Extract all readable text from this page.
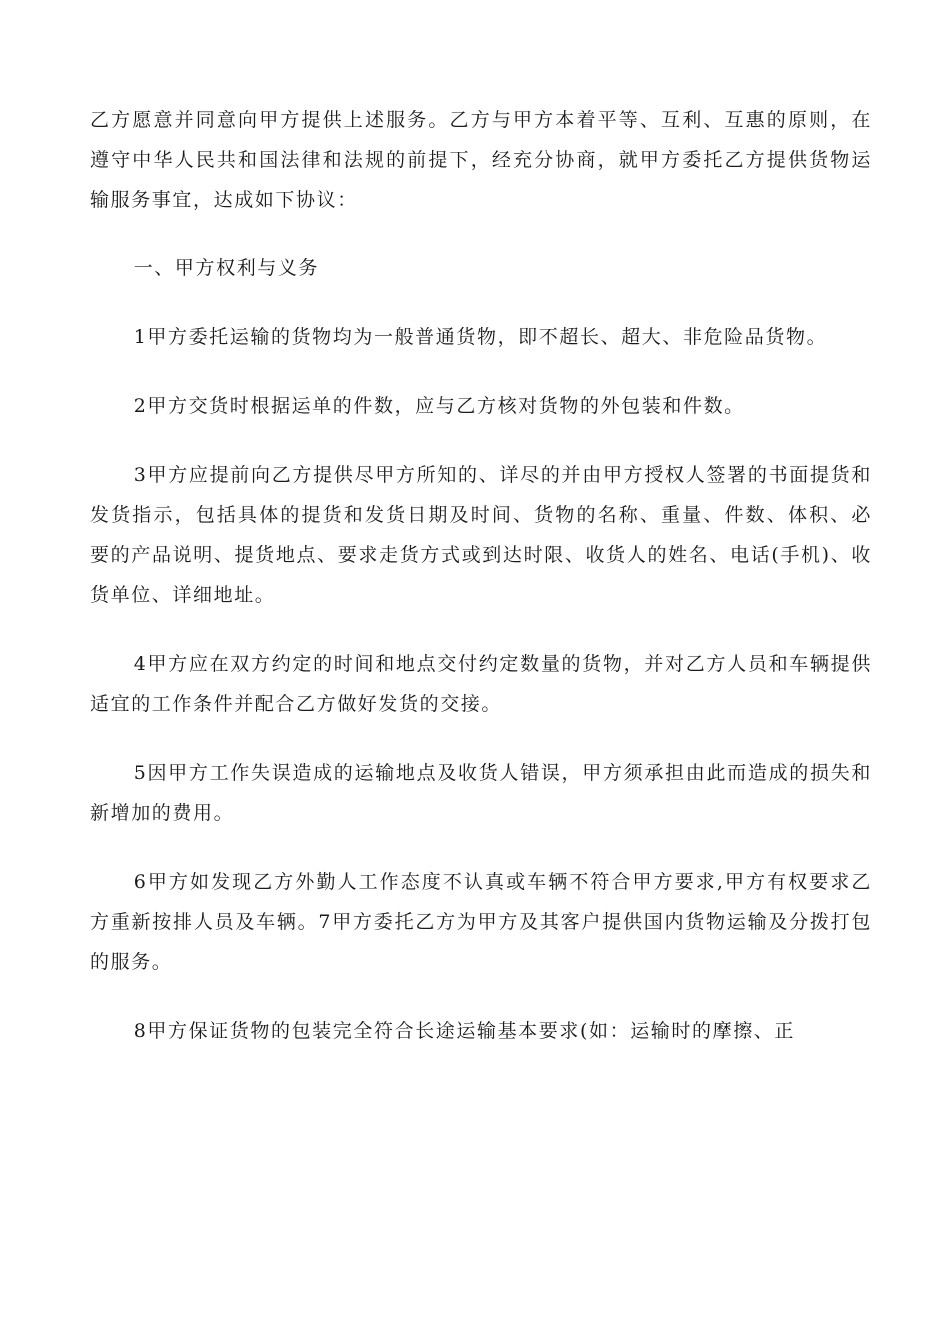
乙方愿意并同意向甲方提供上述服务。乙方与甲方本着平等、互利、互惠的原则，在遵守中华人民共和国法律和法规的前提下，经充分协商，就甲方委托乙方提供货物运输服务事宜，达成如下协议：

一、甲方权利与义务

1甲方委托运输的货物均为一般普通货物，即不超长、超大、非危险品货物。

2甲方交货时根据运单的件数，应与乙方核对货物的外包装和件数。

3甲方应提前向乙方提供尽甲方所知的、详尽的并由甲方授权人签署的书面提货和发货指示，包括具体的提货和发货日期及时间、货物的名称、重量、件数、体积、必要的产品说明、提货地点、要求走货方式或到达时限、收货人的姓名、电话(手机)、收货单位、详细地址。

4甲方应在双方约定的时间和地点交付约定数量的货物，并对乙方人员和车辆提供适宜的工作条件并配合乙方做好发货的交接。

5因甲方工作失误造成的运输地点及收货人错误，甲方须承担由此而造成的损失和新增加的费用。

6甲方如发现乙方外勤人工作态度不认真或车辆不符合甲方要求,甲方有权要求乙方重新按排人员及车辆。7甲方委托乙方为甲方及其客户提供国内货物运输及分拨打包的服务。

8甲方保证货物的包装完全符合长途运输基本要求(如：运输时的摩擦、正
